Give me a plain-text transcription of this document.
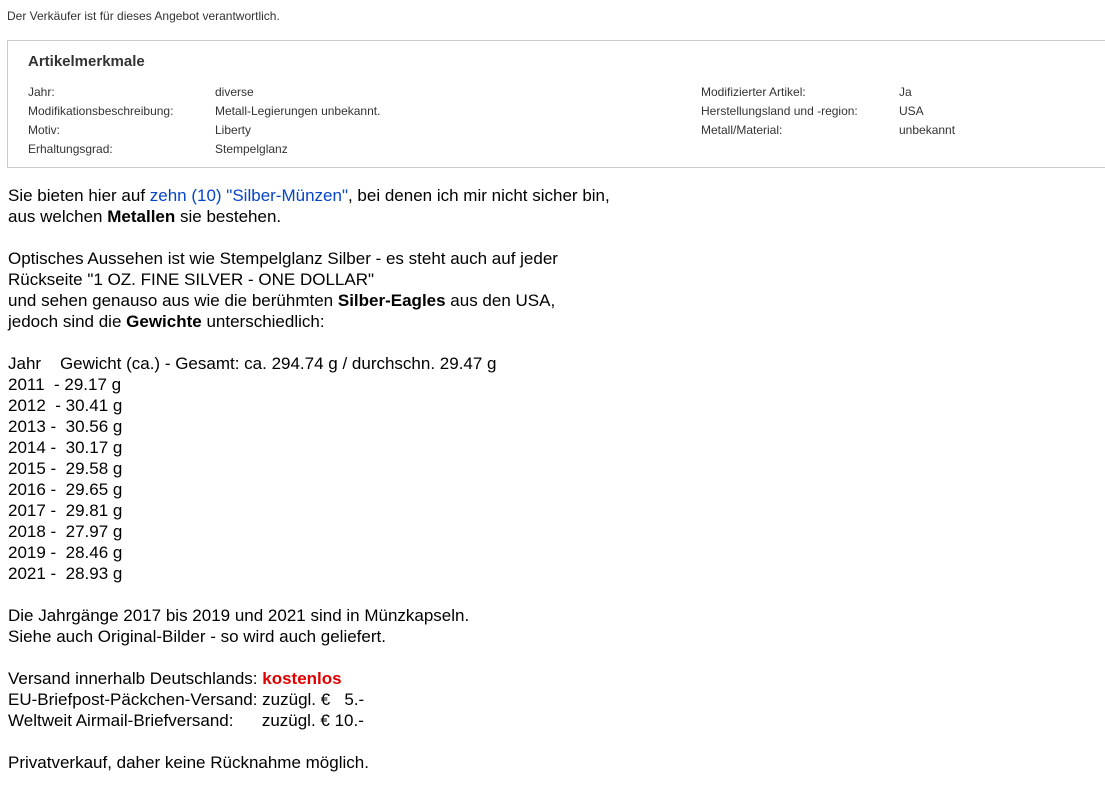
Der Verkäufer ist für dieses Angebot verantwortlich.
Artikelmerkmale
Jahr:	diverse
Modifikationsbeschreibung:	Metall-Legierungen unbekannt.
Motiv:	Liberty
Erhaltungsgrad:	Stempelglanz
Modifizierter Artikel:	Ja
Herstellungsland und -region:	USA
Metall/Material:	unbekannt

Sie bieten hier auf zehn (10) "Silber-Münzen", bei denen ich mir nicht sicher bin,

aus welchen Metallen sie bestehen.

Optisches Aussehen ist wie Stempelglanz Silber - es steht auch auf jeder

Rückseite "1 OZ. FINE SILVER - ONE DOLLAR"

und sehen genauso aus wie die berühmten Silber-Eagles aus den USA,

jedoch sind die Gewichte unterschiedlich:

Jahr    Gewicht (ca.) - Gesamt: ca. 294.74 g / durchschn. 29.47 g

2011  - 29.17 g

2012  - 30.41 g

2013 -  30.56 g

2014 -  30.17 g

2015 -  29.58 g

2016 -  29.65 g

2017 -  29.81 g

2018 -  27.97 g

2019 -  28.46 g

2021 -  28.93 g

Die Jahrgänge 2017 bis 2019 und 2021 sind in Münzkapseln.

Siehe auch Original-Bilder - so wird auch geliefert.

Versand innerhalb Deutschlands: kostenlos

EU-Briefpost-Päckchen-Versand: zuzügl. €   5.-

Weltweit Airmail-Briefversand:      zuzügl. € 10.-

Privatverkauf, daher keine Rücknahme möglich.
